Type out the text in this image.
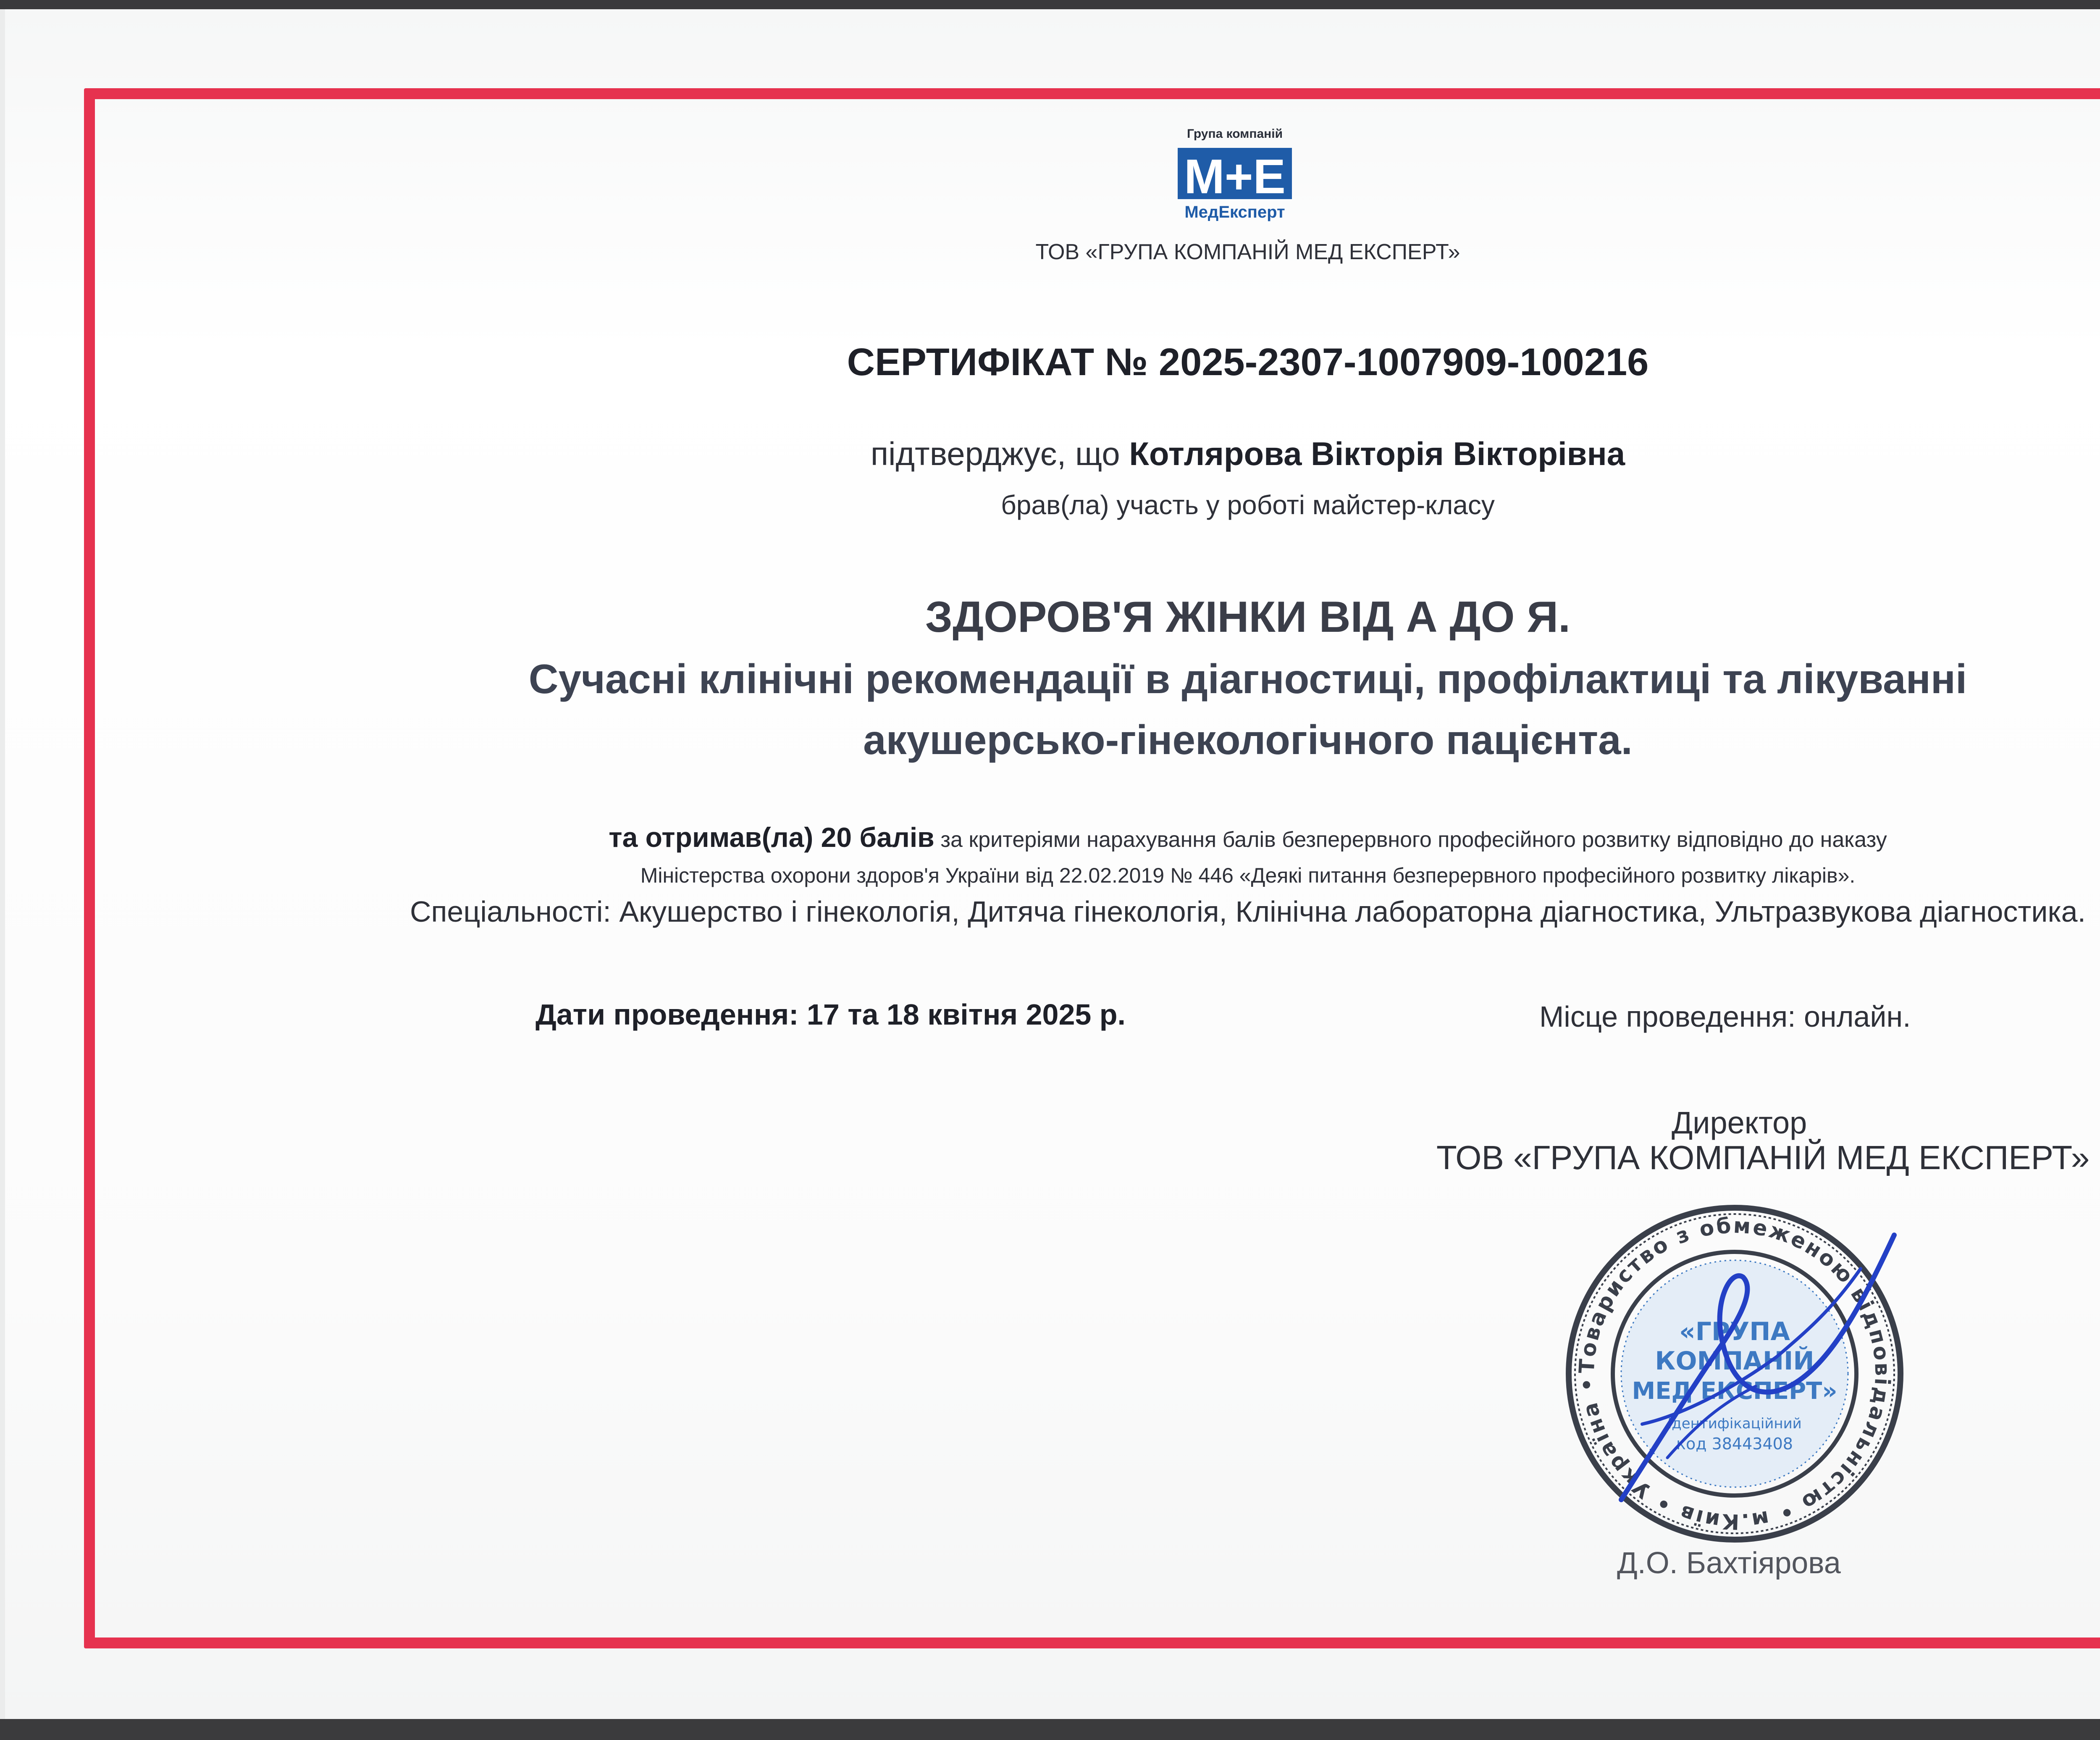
Група компаній
М+Е
МедЕксперт
ТОВ «ГРУПА КОМПАНІЙ МЕД ЕКСПЕРТ»
СЕРТИФІКАТ № 2025-2307-1007909-100216
підтверджує, що Котлярова Вікторія Вікторівна
брав(ла) участь у роботі майстер-класу
ЗДОРОВ'Я ЖІНКИ ВІД А ДО Я.
Сучасні клінічні рекомендації в діагностиці, профілактиці та лікуванні
акушерсько-гінекологічного пацієнта.
та отримав(ла) 20 балів за критеріями нарахування балів безперервного професійного розвитку відповідно до наказу
Міністерства охорони здоров'я України від 22.02.2019 № 446 «Деякі питання безперервного професійного розвитку лікарів».
Спеціальності: Акушерство і гінекологія, Дитяча гінекологія, Клінічна лабораторна діагностика, Ультразвукова діагностика.
Дати проведення: 17 та 18 квітня 2025 р.	Місце проведення: онлайн.
Директор
ТОВ «ГРУПА КОМПАНІЙ МЕД ЕКСПЕРТ»
Товариство з обмеженою відповідальністю • м.Київ • Україна •
«ГРУПА
КОМПАНІЙ
МЕД ЕКСПЕРТ»
Ідентифікаційний
код 38443408
Д.О. Бахтіярова
